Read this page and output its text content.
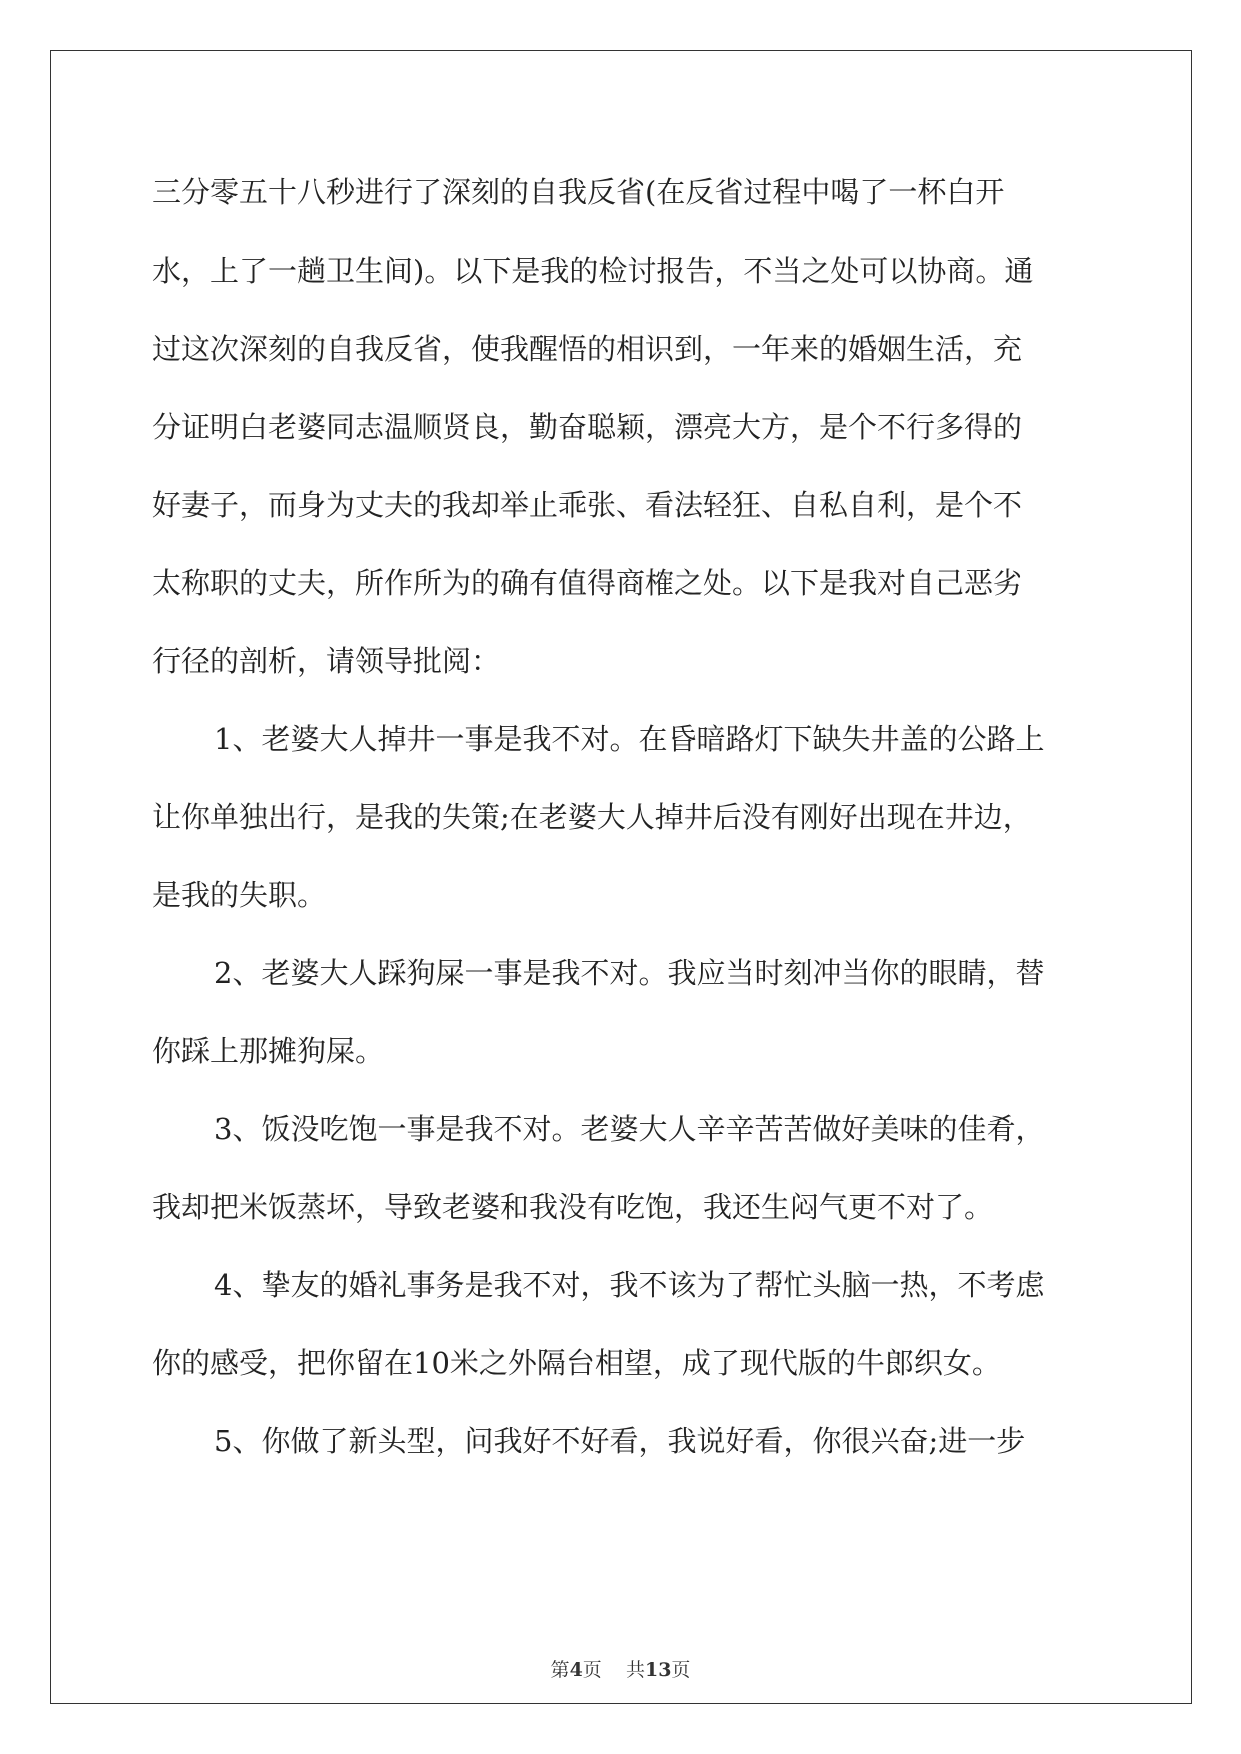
三分零五十八秒进行了深刻的自我反省(在反省过程中喝了一杯白开
水，上了一趟卫生间)。以下是我的检讨报告，不当之处可以协商。通
过这次深刻的自我反省，使我醒悟的相识到，一年来的婚姻生活，充
分证明白老婆同志温顺贤良，勤奋聪颖，漂亮大方，是个不行多得的
好妻子，而身为丈夫的我却举止乖张、看法轻狂、自私自利，是个不
太称职的丈夫，所作所为的确有值得商榷之处。以下是我对自己恶劣
行径的剖析，请领导批阅：
1、老婆大人掉井一事是我不对。在昏暗路灯下缺失井盖的公路上
让你单独出行，是我的失策;在老婆大人掉井后没有刚好出现在井边，
是我的失职。
2、老婆大人踩狗屎一事是我不对。我应当时刻冲当你的眼睛，替
你踩上那摊狗屎。
3、饭没吃饱一事是我不对。老婆大人辛辛苦苦做好美味的佳肴，
我却把米饭蒸坏，导致老婆和我没有吃饱，我还生闷气更不对了。
4、挚友的婚礼事务是我不对，我不该为了帮忙头脑一热，不考虑
你的感受，把你留在10米之外隔台相望，成了现代版的牛郎织女。
5、你做了新头型，问我好不好看，我说好看，你很兴奋;进一步
第4页    共13页
